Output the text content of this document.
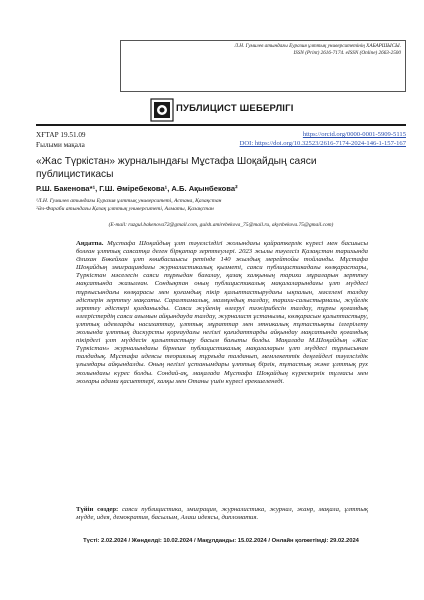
Л.Н. Гумилев атындағы Еуразия ұлттық университетінің ХАБАРШЫСЫ.
ISSN (Print) 2616-7174. eISSN (Online) 2663-2500
ПУБЛИЦИСТ ШЕБЕРЛІГІ
ХҒТАР 19.51.09
Ғылыми мақала
https://orcid.org/0000-0001-5909-5115
DOI: https://doi.org/10.32523/2616-7174-2024-146-1-157-167
«Жас Түркістан» журналындағы Мұстафа Шоқайдың саяси публицистикасы
Р.Ш. Бакенова*¹, Г.Ш. Әміребекова¹, А.Б. Ақынбекова²
¹Л.Н. Гумилев атындағы Еуразия ұлттық университеті, Астана, Қазақстан
²Әл-Фараби атындағы Қазақ ұлттық университеті, Алматы, Қазақстан
(E-mail: ruzgul.bakenova72@gmail.com, gulsh.amirebekova_75@mail.ru, akynbekova.75@gmail.com)
Аңдатпа. Мұстафа Шоқайдың ұлт тәуелсіздігі жолындағы қайраткерлік күресі мен басшысы болған ұлттық саясатқа деген бірқатар зерттеулері. 2023 жылы тәуелсіз Қазақстан тарихында Әлихан Бөкейхан ұлт көшбасшысы ретінде 140 жылдық мерейтойы тойланды. Мұстафа Шоқайдың эмиграциядағы журналистикалық қызметі, саяси публицистикадағы көзқарастары, Түркістан мәселесін саяси тұрғыдан бағалау, қазақ халқының тарихи мұраларын зерттеу мақсатында жазылған. Сондықтан оның публицистикалық мақалаларындағы ұлт мүддесі тұрғысындағы көзқарасы мен қоғамдық пікір қалыптастырудағы ықпалын, мәселені талдау әдістерін зерттеу мақсаты. Саралтамалық, мазмұндық талдау, тарихи-салыстырмалы, жүйелік зерттеу әдістері қолданылды. Саяси жүйенің өзгеруі тәжірибесін талдау, тұрғы қоғамдық өзгерістердің саяси ағымын айқындауда талдау, журналист ұстанымы, көзқарасын қалыптастыру, ұлттық идеяларды насихаттау, ұлттық мұраттар мен этникалық тұтастықты ілгерілету жолында ұлттық дискурсты қорғаудағы негізгі қағидаттарды айқындау мақсатында қоғамдық пікірдегі ұлт мүддесін қалыптастыру басым бағыты болды. Мақалада М.Шоқайдың «Жас Түркістан» журналындағы бірнеше публицистикалық мақалаларын ұлт мүддесі тұрғысынан талдадық. Мұстафа идеясы теориялық тұрғыда талданып, мемлекеттік деңгейдегі тәуелсіздік ұғымдары айқындалды. Оның негізгі ұстанымдары ұлттық бірлік, тұтастық және ұлттық рух жолындағы күрес болды. Сондай-ақ, мақалада Мұстафа Шоқайдың күрескерлік тұлғасы мен жоғары адами қасиеттері, халқы мен Отаны үшін күресі ерекшеленеді.
Түйін сөздер: саяси публицистика, эмиграция, журналистика, журнал, жанр, мақала, ұлттық мүдде, идея, демократия, басылым, Алаш идеясы, дипломатия.
Түсті: 2.02.2024 / Жөнделді: 10.02.2024 / Мақұлданды: 15.02.2024 / Онлайн қолжетімді: 29.02.2024
